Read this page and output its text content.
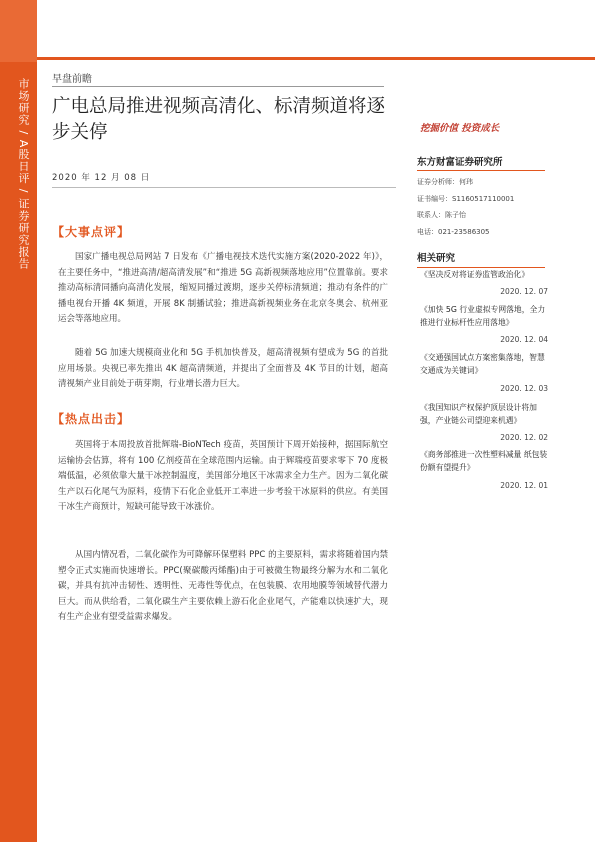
市场研究 / A股日评 / 证券研究报告 早盘前瞻
广电总局推进视频高清化、标清频道将逐步关停	挖掘价值 投资成长
2020 年 12 月 08 日
【大事点评】

国家广播电视总局网站 7 日发布《广播电视技术迭代实施方案(2020-2022 年)》，在主要任务中，“推进高清/超高清发展”和“推进 5G 高新视频落地应用”位置靠前。要求推动高标清同播向高清化发展，缩短同播过渡期，逐步关停标清频道；推动有条件的广播电视台开播 4K 频道，开展 8K 制播试验；推进高新视频业务在北京冬奥会、杭州亚运会等落地应用。

随着 5G 加速大规模商业化和 5G 手机加快普及，超高清视频有望成为 5G 的首批应用场景。央视已率先推出 4K 超高清频道，并提出了全面普及 4K 节目的计划，超高清视频产业目前处于萌芽期，行业增长潜力巨大。

【热点出击】

英国将于本周投放首批辉瑞-BioNTech 疫苗，英国预计下周开始接种，据国际航空运输协会估算，将有 100 亿剂疫苗在全球范围内运输。由于辉瑞疫苗要求零下 70 度极端低温，必须依靠大量干冰控制温度，美国部分地区干冰需求全力生产。因为二氧化碳生产以石化尾气为原料，疫情下石化企业低开工率进一步考验干冰原料的供应。有美国干冰生产商预计，短缺可能导致干冰涨价。

从国内情况看，二氧化碳作为可降解环保塑料 PPC 的主要原料，需求将随着国内禁塑令正式实施而快速增长。PPC(聚碳酸丙烯酯)由于可被微生物最终分解为水和二氧化碳，并具有抗冲击韧性、透明性、无毒性等优点，在包装膜、农用地膜等领域替代潜力巨大。而从供给看，二氧化碳生产主要依赖上游石化企业尾气，产能难以快速扩大，现有生产企业有望受益需求爆发。

东方财富证券研究所
证券分析师：何玮
证书编号：S1160517110001
联系人：陈子怡
电话：021-23586305
相关研究
《坚决反对将证券监管政治化》
2020. 12. 07
《加快 5G 行业虚拟专网落地，全力推进行业标杆性应用落地》
2020. 12. 04
《交通强国试点方案密集落地，智慧交通成为关键词》
2020. 12. 03
《我国知识产权保护顶层设计将加强，产业链公司望迎来机遇》
2020. 12. 02
《商务部推进一次性塑料减量 纸包装份额有望提升》
2020. 12. 01
